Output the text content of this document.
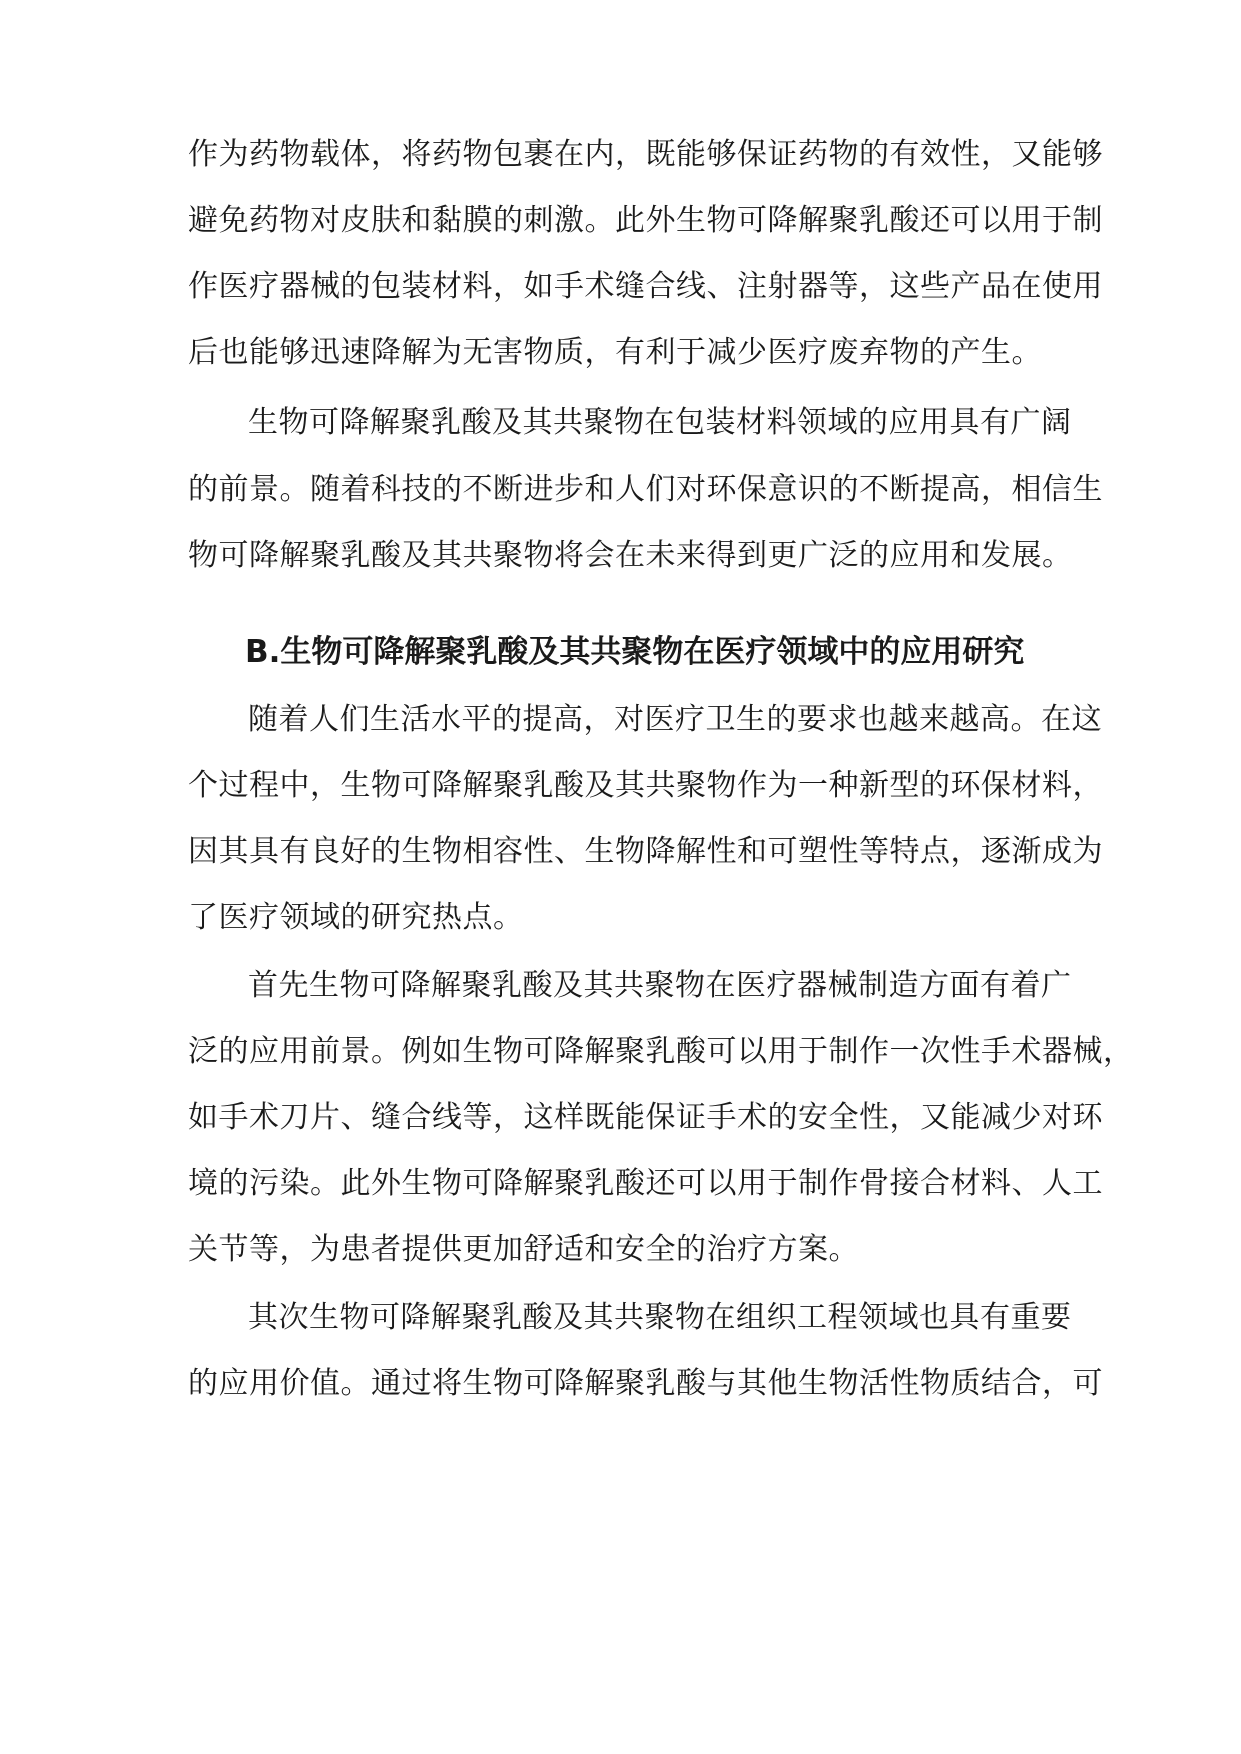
作为药物载体，将药物包裹在内，既能够保证药物的有效性，又能够
避免药物对皮肤和黏膜的刺激。此外生物可降解聚乳酸还可以用于制
作医疗器械的包装材料，如手术缝合线、注射器等，这些产品在使用
后也能够迅速降解为无害物质，有利于减少医疗废弃物的产生。
生物可降解聚乳酸及其共聚物在包装材料领域的应用具有广阔
的前景。随着科技的不断进步和人们对环保意识的不断提高，相信生
物可降解聚乳酸及其共聚物将会在未来得到更广泛的应用和发展。
B.生物可降解聚乳酸及其共聚物在医疗领域中的应用研究
随着人们生活水平的提高，对医疗卫生的要求也越来越高。在这
个过程中，生物可降解聚乳酸及其共聚物作为一种新型的环保材料，
因其具有良好的生物相容性、生物降解性和可塑性等特点，逐渐成为
了医疗领域的研究热点。
首先生物可降解聚乳酸及其共聚物在医疗器械制造方面有着广
泛的应用前景。例如生物可降解聚乳酸可以用于制作一次性手术器械，
如手术刀片、缝合线等，这样既能保证手术的安全性，又能减少对环
境的污染。此外生物可降解聚乳酸还可以用于制作骨接合材料、人工
关节等，为患者提供更加舒适和安全的治疗方案。
其次生物可降解聚乳酸及其共聚物在组织工程领域也具有重要
的应用价值。通过将生物可降解聚乳酸与其他生物活性物质结合，可
